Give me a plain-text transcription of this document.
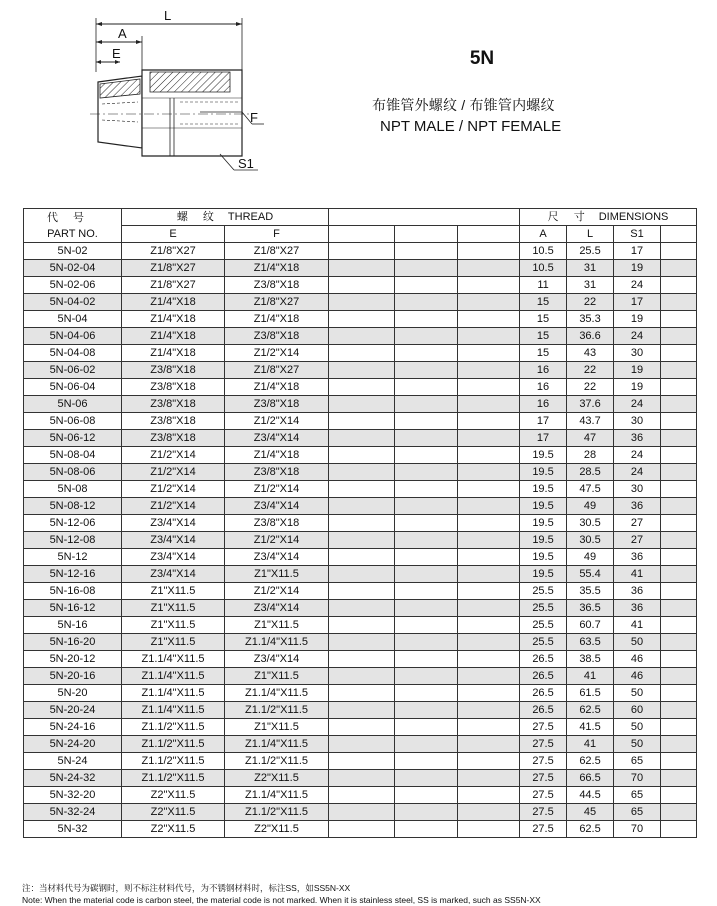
L
A
E
F
S1
5N
布锥管外螺纹 / 布锥管内螺纹
NPT MALE / NPT FEMALE
代 号
PART NO.	螺 纹 THREAD					尺 寸 DIMENSIONS			
	E	F				A	L	S1	
5N-02	Z1/8"X27	Z1/8"X27				10.5	25.5	17	
5N-02-04	Z1/8"X27	Z1/4"X18				10.5	31	19	
5N-02-06	Z1/8"X27	Z3/8"X18				11	31	24	
5N-04-02	Z1/4"X18	Z1/8"X27				15	22	17	
5N-04	Z1/4"X18	Z1/4"X18				15	35.3	19	
5N-04-06	Z1/4"X18	Z3/8"X18				15	36.6	24	
5N-04-08	Z1/4"X18	Z1/2"X14				15	43	30	
5N-06-02	Z3/8"X18	Z1/8"X27				16	22	19	
5N-06-04	Z3/8"X18	Z1/4"X18				16	22	19	
5N-06	Z3/8"X18	Z3/8"X18				16	37.6	24	
5N-06-08	Z3/8"X18	Z1/2"X14				17	43.7	30	
5N-06-12	Z3/8"X18	Z3/4"X14				17	47	36	
5N-08-04	Z1/2"X14	Z1/4"X18				19.5	28	24	
5N-08-06	Z1/2"X14	Z3/8"X18				19.5	28.5	24	
5N-08	Z1/2"X14	Z1/2"X14				19.5	47.5	30	
5N-08-12	Z1/2"X14	Z3/4"X14				19.5	49	36	
5N-12-06	Z3/4"X14	Z3/8"X18				19.5	30.5	27	
5N-12-08	Z3/4"X14	Z1/2"X14				19.5	30.5	27	
5N-12	Z3/4"X14	Z3/4"X14				19.5	49	36	
5N-12-16	Z3/4"X14	Z1"X11.5				19.5	55.4	41	
5N-16-08	Z1"X11.5	Z1/2"X14				25.5	35.5	36	
5N-16-12	Z1"X11.5	Z3/4"X14				25.5	36.5	36	
5N-16	Z1"X11.5	Z1"X11.5				25.5	60.7	41	
5N-16-20	Z1"X11.5	Z1.1/4"X11.5				25.5	63.5	50	
5N-20-12	Z1.1/4"X11.5	Z3/4"X14				26.5	38.5	46	
5N-20-16	Z1.1/4"X11.5	Z1"X11.5				26.5	41	46	
5N-20	Z1.1/4"X11.5	Z1.1/4"X11.5				26.5	61.5	50	
5N-20-24	Z1.1/4"X11.5	Z1.1/2"X11.5				26.5	62.5	60	
5N-24-16	Z1.1/2"X11.5	Z1"X11.5				27.5	41.5	50	
5N-24-20	Z1.1/2"X11.5	Z1.1/4"X11.5				27.5	41	50	
5N-24	Z1.1/2"X11.5	Z1.1/2"X11.5				27.5	62.5	65	
5N-24-32	Z1.1/2"X11.5	Z2"X11.5				27.5	66.5	70	
5N-32-20	Z2"X11.5	Z1.1/4"X11.5				27.5	44.5	65	
5N-32-24	Z2"X11.5	Z1.1/2"X11.5				27.5	45	65	
5N-32	Z2"X11.5	Z2"X11.5				27.5	62.5	70	
注：当材料代号为碳钢时，则不标注材料代号，为不锈钢材料时，标注SS，如SS5N-XX
Note: When the material code is carbon steel, the material code is not marked. When it is stainless steel, SS is marked, such as SS5N-XX
